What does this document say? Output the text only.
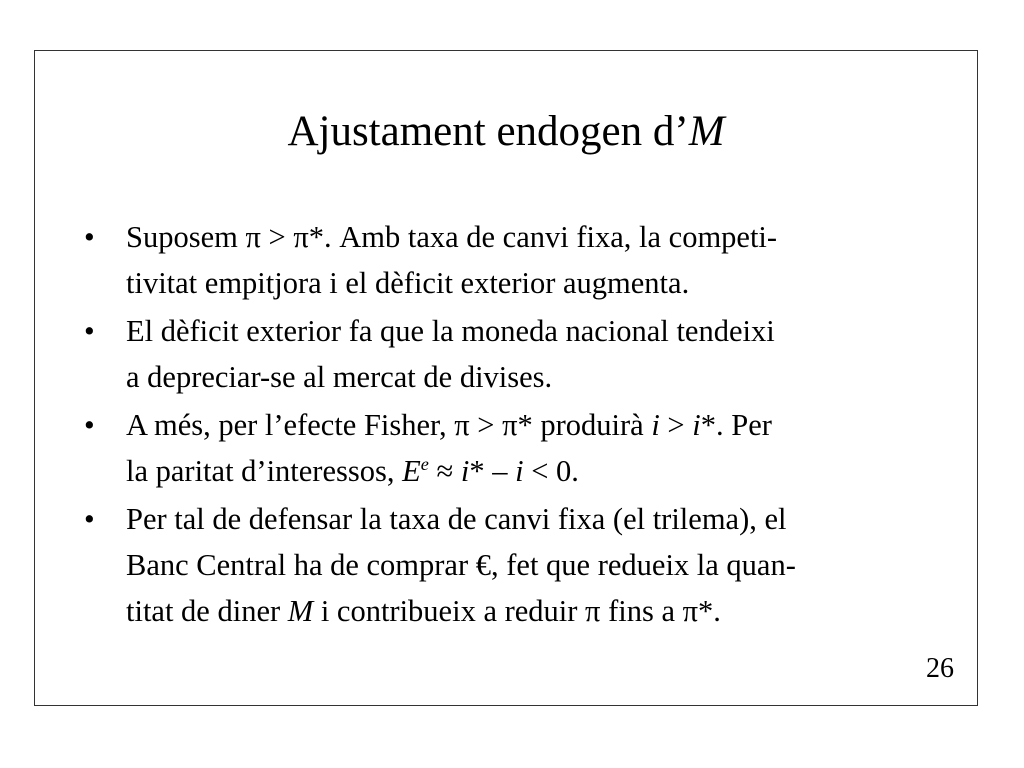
Ajustament endogen d’M
• Suposem π > π*. Amb taxa de canvi fixa, la competi-
tivitat empitjora i el dèficit exterior augmenta.
• El dèficit exterior fa que la moneda nacional tendeixi
a depreciar-se al mercat de divises.
• A més, per l’efecte Fisher, π > π* produirà i > i*. Per
la paritat d’interessos, $E^e \approx i* - i < 0$.
• Per tal de defensar la taxa de canvi fixa (el trilema), el
Banc Central ha de comprar €, fet que redueix la quan-
titat de diner M i contribueix a reduir π fins a π*.
26
